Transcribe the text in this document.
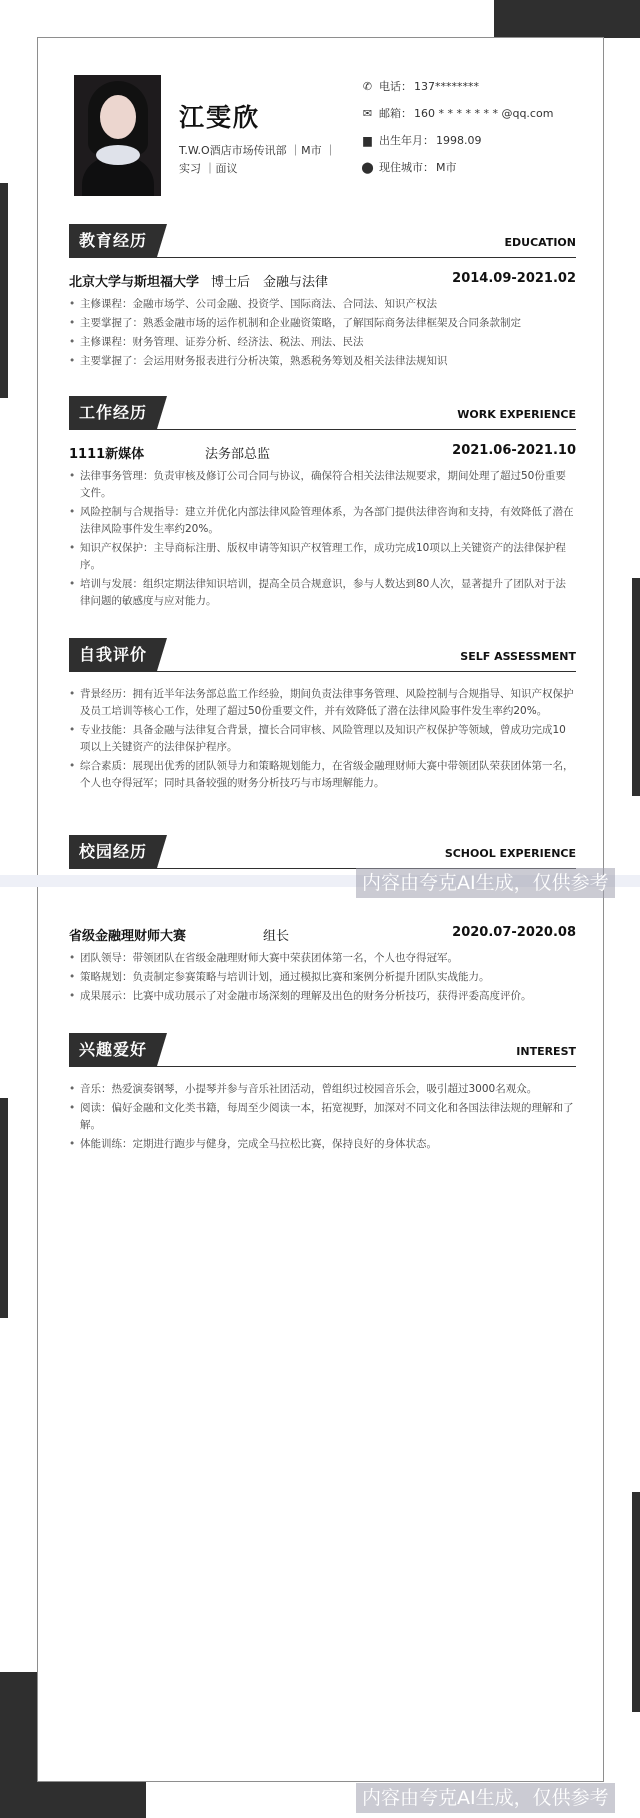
江雯欣
T.W.O酒店市场传讯部 ｜M市 ｜ 实习 ｜面议
✆ 电话： 137********
✉ 邮箱： 160 * * * * * * * @qq.com
▆ 出生年月： 1998.09
⬤ 现住城市： M市
教育经历	EDUCATION
北京大学与斯坦福大学 博士后　金融与法律	2014.09-2021.02
• 主修课程：金融市场学、公司金融、投资学、国际商法、合同法、知识产权法
• 主要掌握了：熟悉金融市场的运作机制和企业融资策略，了解国际商务法律框架及合同条款制定
• 主修课程：财务管理、证券分析、经济法、税法、刑法、民法
• 主要掌握了：会运用财务报表进行分析决策，熟悉税务筹划及相关法律法规知识
工作经历	WORK EXPERIENCE
1111新媒体	法务部总监	2021.06-2021.10
• 法律事务管理：负责审核及修订公司合同与协议，确保符合相关法律法规要求，期间处理了超过50份重要文件。
• 风险控制与合规指导：建立并优化内部法律风险管理体系，为各部门提供法律咨询和支持，有效降低了潜在法律风险事件发生率约20%。
• 知识产权保护：主导商标注册、版权申请等知识产权管理工作，成功完成10项以上关键资产的法律保护程序。
• 培训与发展：组织定期法律知识培训，提高全员合规意识，参与人数达到80人次，显著提升了团队对于法律问题的敏感度与应对能力。
自我评价	SELF ASSESSMENT
• 背景经历：拥有近半年法务部总监工作经验，期间负责法律事务管理、风险控制与合规指导、知识产权保护及员工培训等核心工作，处理了超过50份重要文件，并有效降低了潜在法律风险事件发生率约20%。
• 专业技能：具备金融与法律复合背景，擅长合同审核、风险管理以及知识产权保护等领域，曾成功完成10项以上关键资产的法律保护程序。
• 综合素质：展现出优秀的团队领导力和策略规划能力，在省级金融理财师大赛中带领团队荣获团体第一名，个人也夺得冠军；同时具备较强的财务分析技巧与市场理解能力。
校园经历	SCHOOL EXPERIENCE
省级金融理财师大赛	组长	2020.07-2020.08
• 团队领导：带领团队在省级金融理财师大赛中荣获团体第一名，个人也夺得冠军。
• 策略规划：负责制定参赛策略与培训计划，通过模拟比赛和案例分析提升团队实战能力。
• 成果展示：比赛中成功展示了对金融市场深刻的理解及出色的财务分析技巧，获得评委高度评价。
兴趣爱好	INTEREST
• 音乐：热爱演奏钢琴，小提琴并参与音乐社团活动，曾组织过校园音乐会，吸引超过3000名观众。
• 阅读：偏好金融和文化类书籍，每周至少阅读一本，拓宽视野，加深对不同文化和各国法律法规的理解和了解。
• 体能训练：定期进行跑步与健身，完成全马拉松比赛，保持良好的身体状态。
内容由夸克AI生成，仅供参考
内容由夸克AI生成，仅供参考
